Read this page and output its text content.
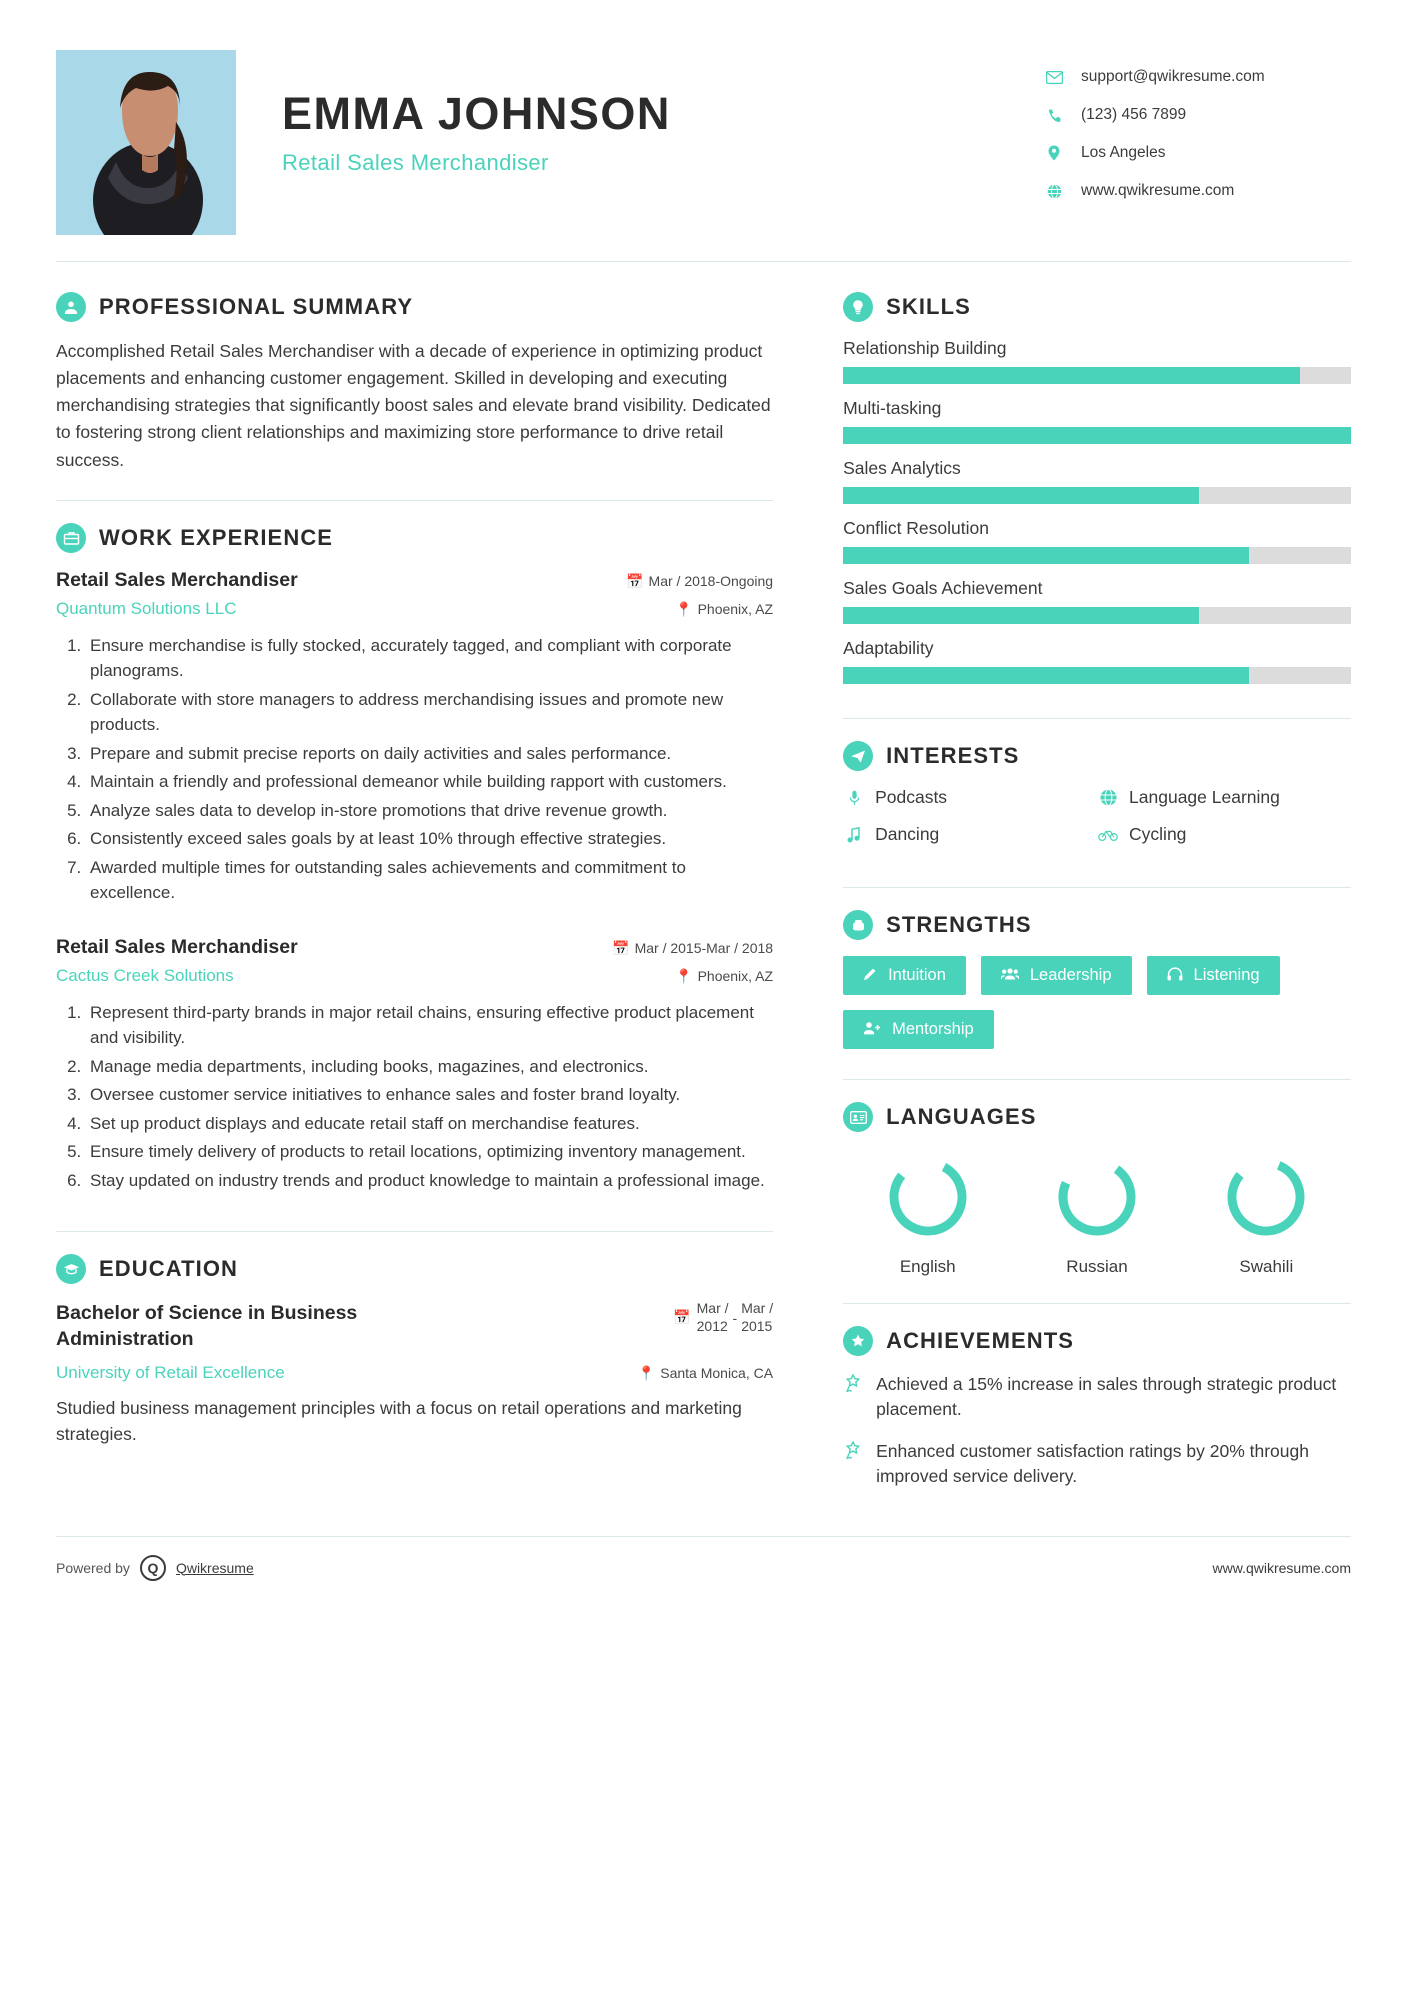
EMMA JOHNSON
Retail Sales Merchandiser
support@qwikresume.com
(123) 456 7899
Los Angeles
www.qwikresume.com
PROFESSIONAL SUMMARY
Accomplished Retail Sales Merchandiser with a decade of experience in optimizing product placements and enhancing customer engagement. Skilled in developing and executing merchandising strategies that significantly boost sales and elevate brand visibility. Dedicated to fostering strong client relationships and maximizing store performance to drive retail success.
WORK EXPERIENCE
Retail Sales Merchandiser	📅 Mar / 2018-Ongoing
Quantum Solutions LLC	📍 Phoenix, AZ
1. Ensure merchandise is fully stocked, accurately tagged, and compliant with corporate planograms.
2. Collaborate with store managers to address merchandising issues and promote new products.
3. Prepare and submit precise reports on daily activities and sales performance.
4. Maintain a friendly and professional demeanor while building rapport with customers.
5. Analyze sales data to develop in-store promotions that drive revenue growth.
6. Consistently exceed sales goals by at least 10% through effective strategies.
7. Awarded multiple times for outstanding sales achievements and commitment to excellence.
Retail Sales Merchandiser	📅 Mar / 2015-Mar / 2018
Cactus Creek Solutions	📍 Phoenix, AZ
1. Represent third-party brands in major retail chains, ensuring effective product placement and visibility.
2. Manage media departments, including books, magazines, and electronics.
3. Oversee customer service initiatives to enhance sales and foster brand loyalty.
4. Set up product displays and educate retail staff on merchandise features.
5. Ensure timely delivery of products to retail locations, optimizing inventory management.
6. Stay updated on industry trends and product knowledge to maintain a professional image.
EDUCATION
Bachelor of Science in Business Administration
📅
Mar /
2012 -
Mar /
2015
University of Retail Excellence	📍 Santa Monica, CA
Studied business management principles with a focus on retail operations and marketing strategies.
SKILLS
Relationship Building
Multi-tasking
Sales Analytics
Conflict Resolution
Sales Goals Achievement
Adaptability
INTERESTS
Podcasts	Language Learning
Dancing	Cycling
STRENGTHS
Intuition	Leadership	Listening
Mentorship
LANGUAGES
English	Russian	Swahili
ACHIEVEMENTS
Achieved a 15% increase in sales through strategic product placement.
Enhanced customer satisfaction ratings by 20% through improved service delivery.
Powered by	Q	Qwikresume	www.qwikresume.com
